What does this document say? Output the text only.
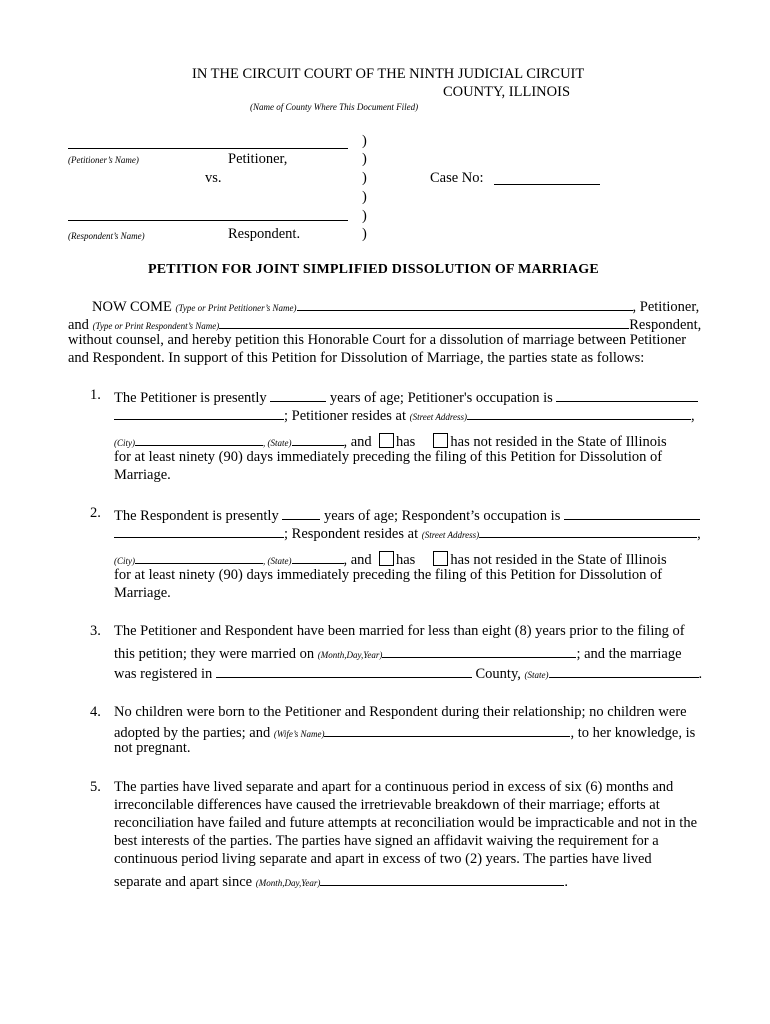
IN THE CIRCUIT COURT OF THE NINTH JUDICIAL CIRCUIT
COUNTY, ILLINOIS
(Name of County Where This Document Filed)
(Petitioner’s Name)	Petitioner,
vs.
(Respondent’s Name)	Respondent.
)
)
)
)
)
)
Case No:
PETITION FOR JOINT SIMPLIFIED DISSOLUTION OF MARRIAGE
NOW COME (Type or Print Petitioner’s Name)	, Petitioner,
and (Type or Print Respondent’s Name)	Respondent,
without counsel, and hereby petition this Honorable Court for a dissolution of marriage between Petitioner
and Respondent. In support of this Petition for Dissolution of Marriage, the parties state as follows:
1. The Petitioner is presently	years of age; Petitioner's occupation is
; Petitioner resides at (Street Address)	,
(City)	, (State)	, and has has not resided in the State of Illinois
for at least ninety (90) days immediately preceding the filing of this Petition for Dissolution of
Marriage.
2. The Respondent is presently	years of age; Respondent’s occupation is
; Respondent resides at (Street Address)	,
(City)	, (State)	, and has has not resided in the State of Illinois
for at least ninety (90) days immediately preceding the filing of this Petition for Dissolution of
Marriage.
3. The Petitioner and Respondent have been married for less than eight (8) years prior to the filing of
this petition; they were married on (Month,Day,Year)	; and the marriage
was registered in	County, (State)	.
4. No children were born to the Petitioner and Respondent during their relationship; no children were
adopted by the parties; and (Wife’s Name)	, to her knowledge, is
not pregnant.
5. The parties have lived separate and apart for a continuous period in excess of six (6) months and
irreconcilable differences have caused the irretrievable breakdown of their marriage; efforts at
reconciliation have failed and future attempts at reconciliation would be impracticable and not in the
best interests of the parties. The parties have signed an affidavit waiving the requirement for a
continuous period living separate and apart in excess of two (2) years. The parties have lived
separate and apart since (Month,Day,Year)	.
